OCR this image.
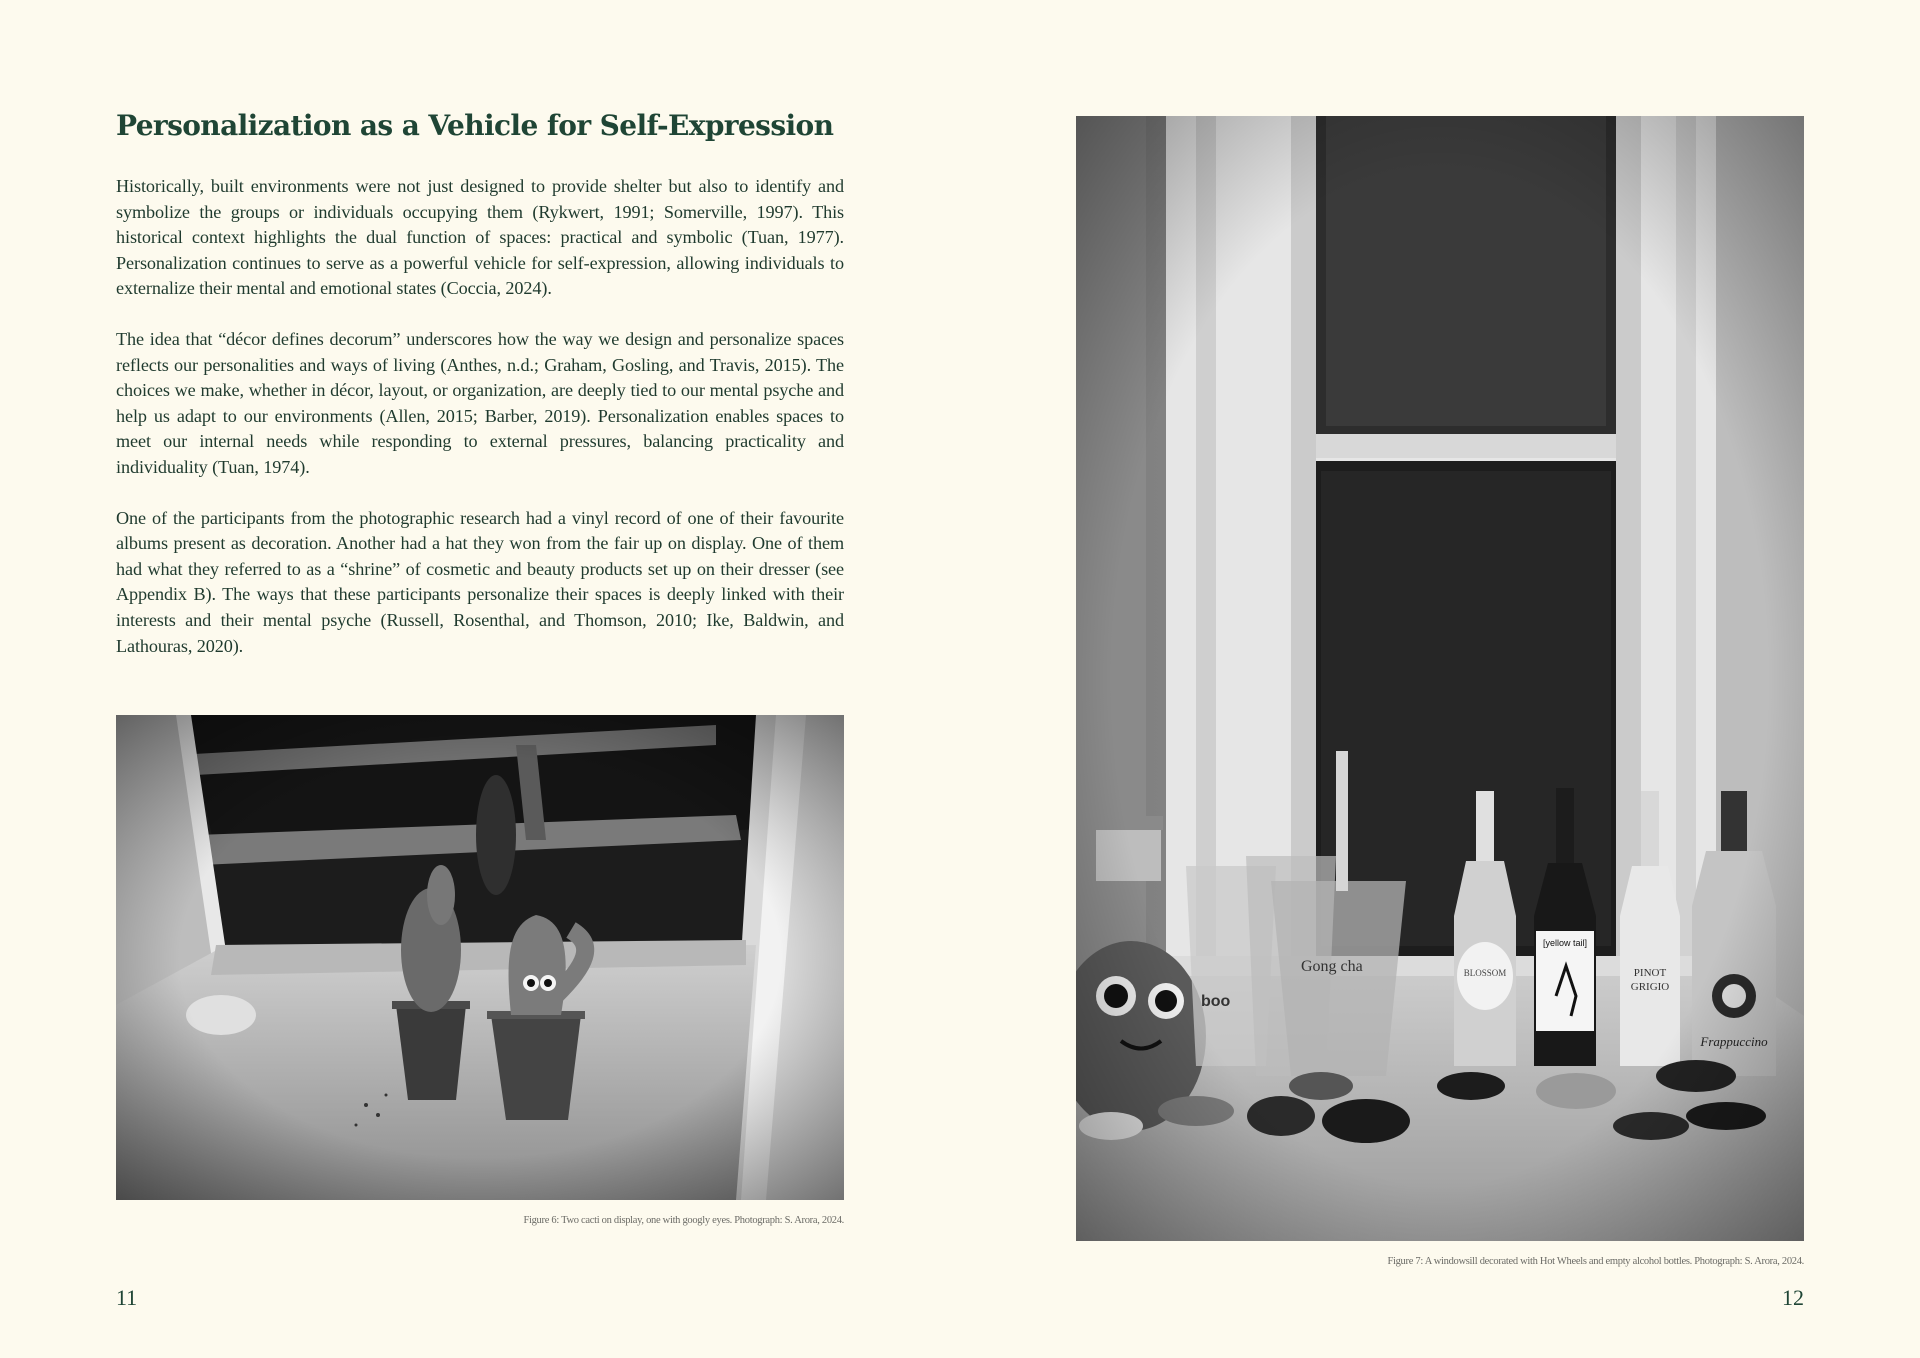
Personalization as a Vehicle for Self-Expression

Historically, built environments were not just designed to provide shelter but also to identify and symbolize the groups or individuals occupying them (Rykwert, 1991; Somerville, 1997). This historical context highlights the dual function of spaces: practical and symbolic (Tuan, 1977). Personalization continues to serve as a powerful vehicle for self-expression, allowing individuals to externalize their mental and emotional states (Coccia, 2024).

The idea that “décor defines decorum” underscores how the way we design and personalize spaces reflects our personalities and ways of living (Anthes, n.d.; Graham, Gosling, and Travis, 2015). The choices we make, whether in décor, layout, or organization, are deeply tied to our mental psyche and help us adapt to our environments (Allen, 2015; Barber, 2019). Personalization enables spaces to meet our internal needs while responding to external pressures, balancing practicality and individuality (Tuan, 1974).

One of the participants from the photographic research had a vinyl record of one of their favourite albums present as decoration. Another had a hat they won from the fair up on display. One of them had what they referred to as a “shrine” of cosmetic and beauty products set up on their dresser (see Appendix B). The ways that these participants personalize their spaces is deeply linked with their interests and their mental psyche (Russell, Rosenthal, and Thomson, 2010; Ike, Baldwin, and Lathouras, 2020).

Figure 6: Two cacti on display, one with googly eyes. Photograph: S. Arora, 2024.

11

Figure 7: A windowsill decorated with Hot Wheels and empty alcohol bottles. Photograph: S. Arora, 2024.

12
